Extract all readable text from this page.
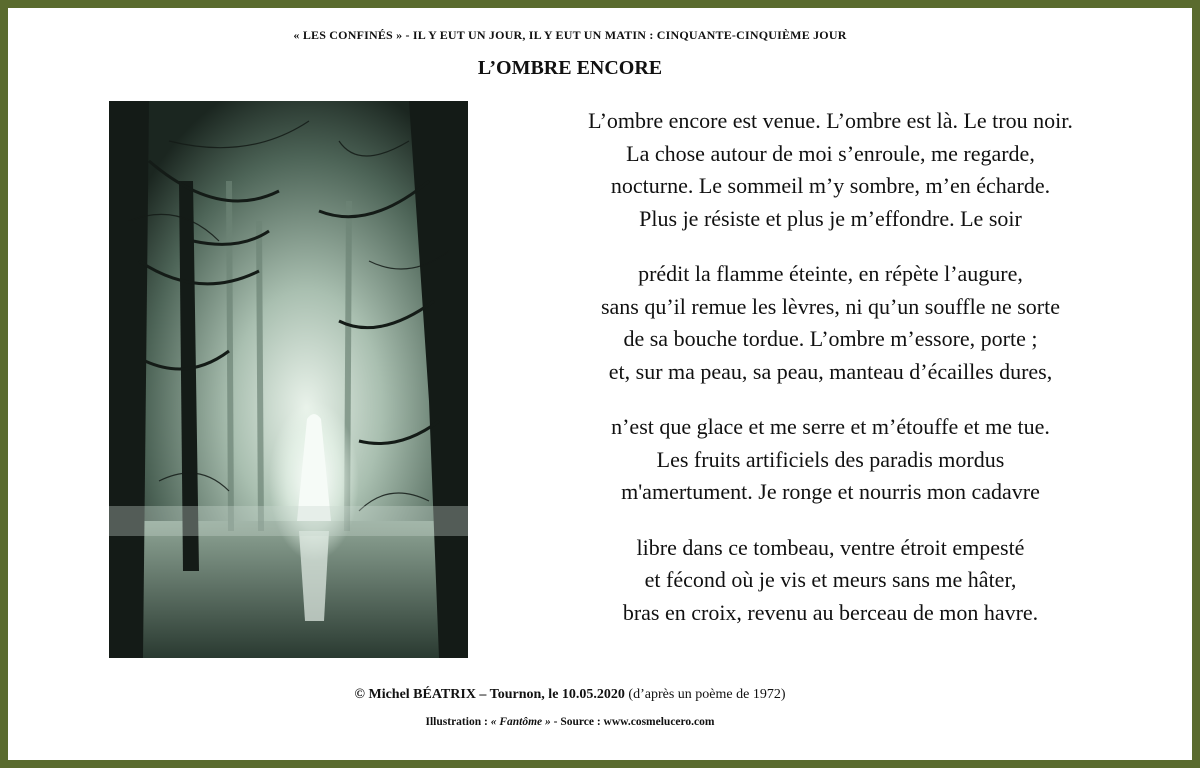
« LES CONFINÉS » - IL Y EUT UN JOUR, IL Y EUT UN MATIN : CINQUANTE-CINQUIÈME JOUR
L’OMBRE ENCORE
L’ombre encore est venue. L’ombre est là. Le trou noir.
La chose autour de moi s’enroule, me regarde,
nocturne. Le sommeil m’y sombre, m’en écharde.
Plus je résiste et plus je m’effondre. Le soir
prédit la flamme éteinte, en répète l’augure,
sans qu’il remue les lèvres, ni qu’un souffle ne sorte
de sa bouche tordue. L’ombre m’essore, porte ;
et, sur ma peau, sa peau, manteau d’écailles dures,
n’est que glace et me serre et m’étouffe et me tue.
Les fruits artificiels des paradis mordus
m'amertument. Je ronge et nourris mon cadavre
libre dans ce tombeau, ventre étroit empesté
et fécond où je vis et meurs sans me hâter,
bras en croix, revenu au berceau de mon havre.
© Michel BÉATRIX – Tournon, le 10.05.2020 (d’après un poème de 1972)
Illustration : « Fantôme » - Source : www.cosmelucero.com
